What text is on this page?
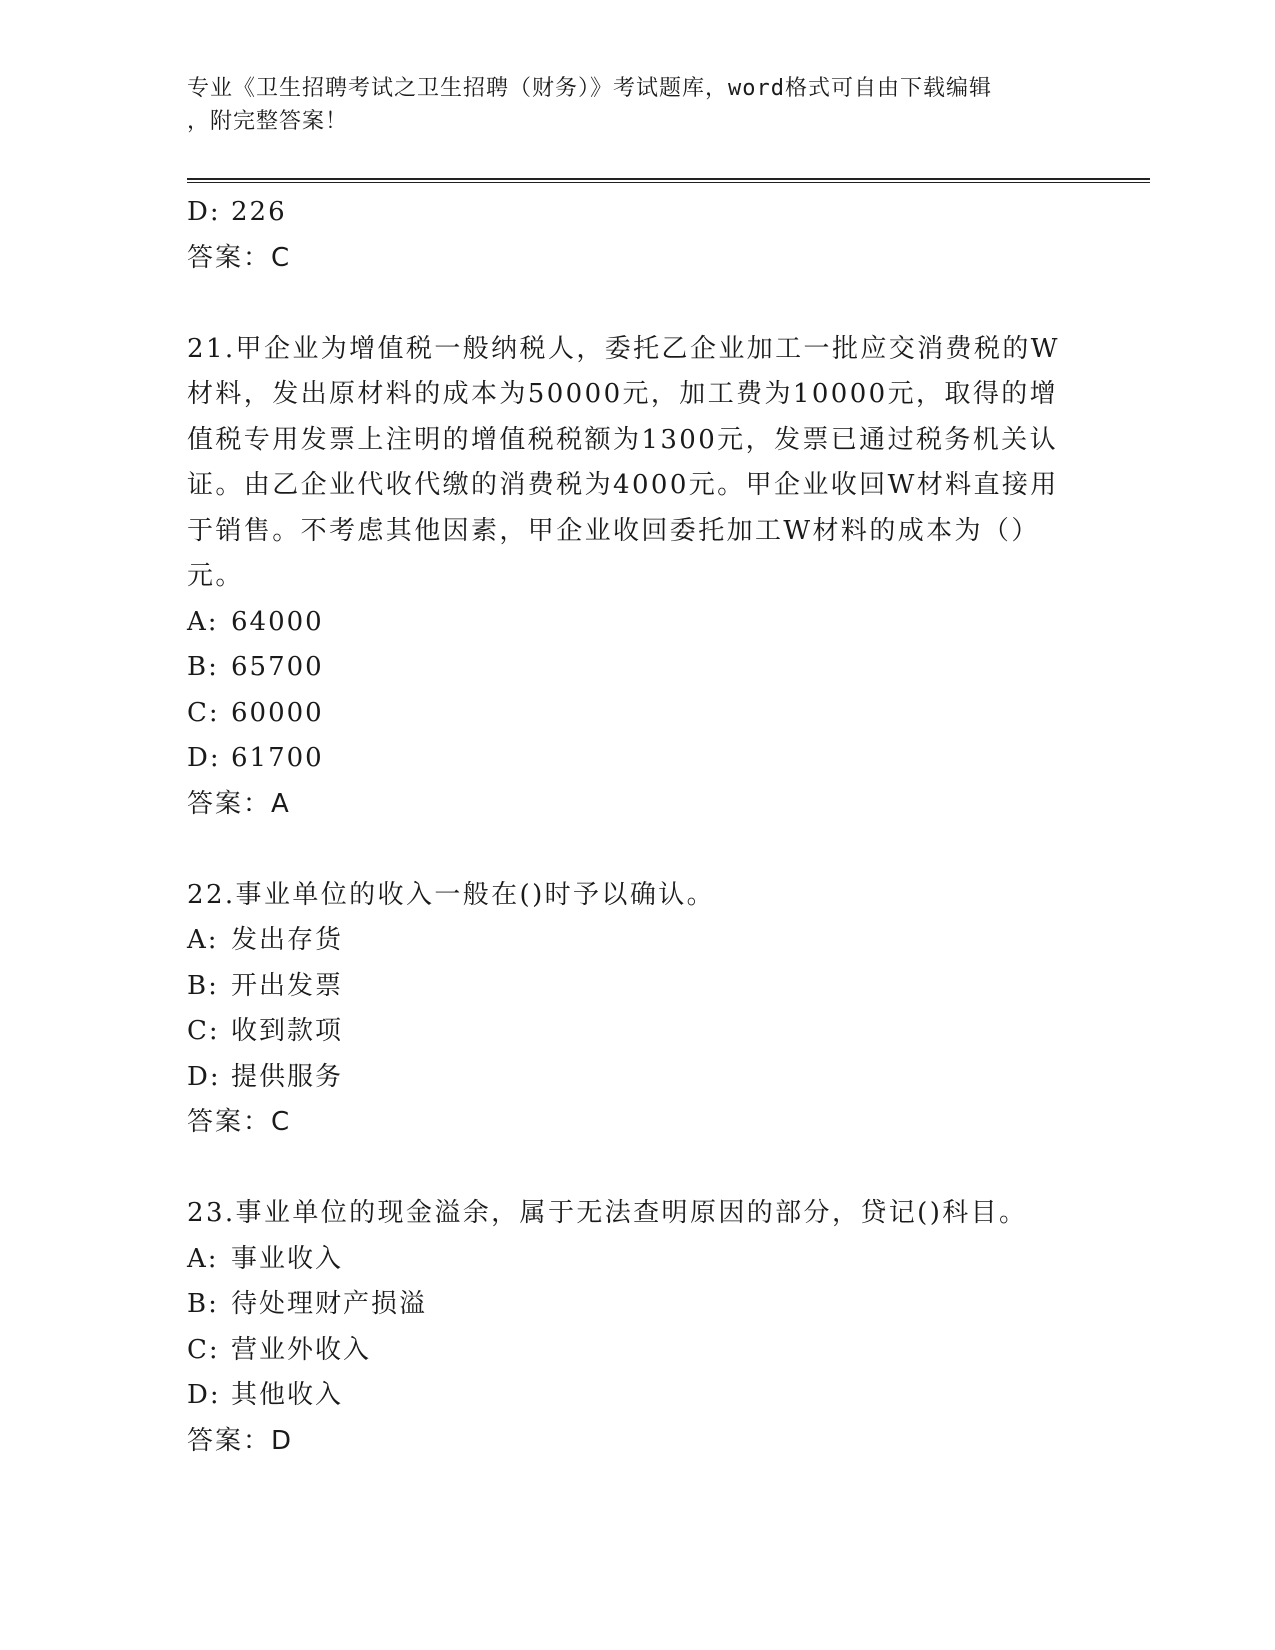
专业《卫生招聘考试之卫生招聘（财务）》考试题库，word格式可自由下载编辑
，附完整答案！
D: 226
答案：C
21.甲企业为增值税一般纳税人，委托乙企业加工一批应交消费税的W
材料，发出原材料的成本为50000元，加工费为10000元，取得的增
值税专用发票上注明的增值税税额为1300元，发票已通过税务机关认
证。由乙企业代收代缴的消费税为4000元。甲企业收回W材料直接用
于销售。不考虑其他因素，甲企业收回委托加工W材料的成本为（）
元。
A: 64000
B: 65700
C: 60000
D: 61700
答案：A
22.事业单位的收入一般在()时予以确认。
A: 发出存货
B: 开出发票
C: 收到款项
D: 提供服务
答案：C
23.事业单位的现金溢余，属于无法查明原因的部分，贷记()科目。
A: 事业收入
B: 待处理财产损溢
C: 营业外收入
D: 其他收入
答案：D
